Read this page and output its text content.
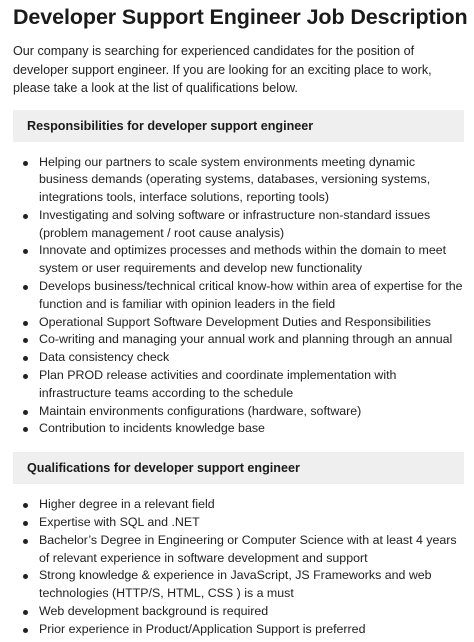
Developer Support Engineer Job Description

Our company is searching for experienced candidates for the position of developer support engineer. If you are looking for an exciting place to work, please take a look at the list of qualifications below.

Responsibilities for developer support engineer
Helping our partners to scale system environments meeting dynamic business demands (operating systems, databases, versioning systems, integrations tools, interface solutions, reporting tools)
Investigating and solving software or infrastructure non-standard issues (problem management / root cause analysis)
Innovate and optimizes processes and methods within the domain to meet system or user requirements and develop new functionality
Develops business/technical critical know-how within area of expertise for the function and is familiar with opinion leaders in the field
Operational Support Software Development Duties and Responsibilities
Co-writing and managing your annual work and planning through an annual
Data consistency check
Plan PROD release activities and coordinate implementation with infrastructure teams according to the schedule
Maintain environments configurations (hardware, software)
Contribution to incidents knowledge base
Qualifications for developer support engineer
Higher degree in a relevant field
Expertise with SQL and .NET
Bachelor’s Degree in Engineering or Computer Science with at least 4 years of relevant experience in software development and support
Strong knowledge & experience in JavaScript, JS Frameworks and web technologies (HTTP/S, HTML, CSS ) is a must
Web development background is required
Prior experience in Product/Application Support is preferred
